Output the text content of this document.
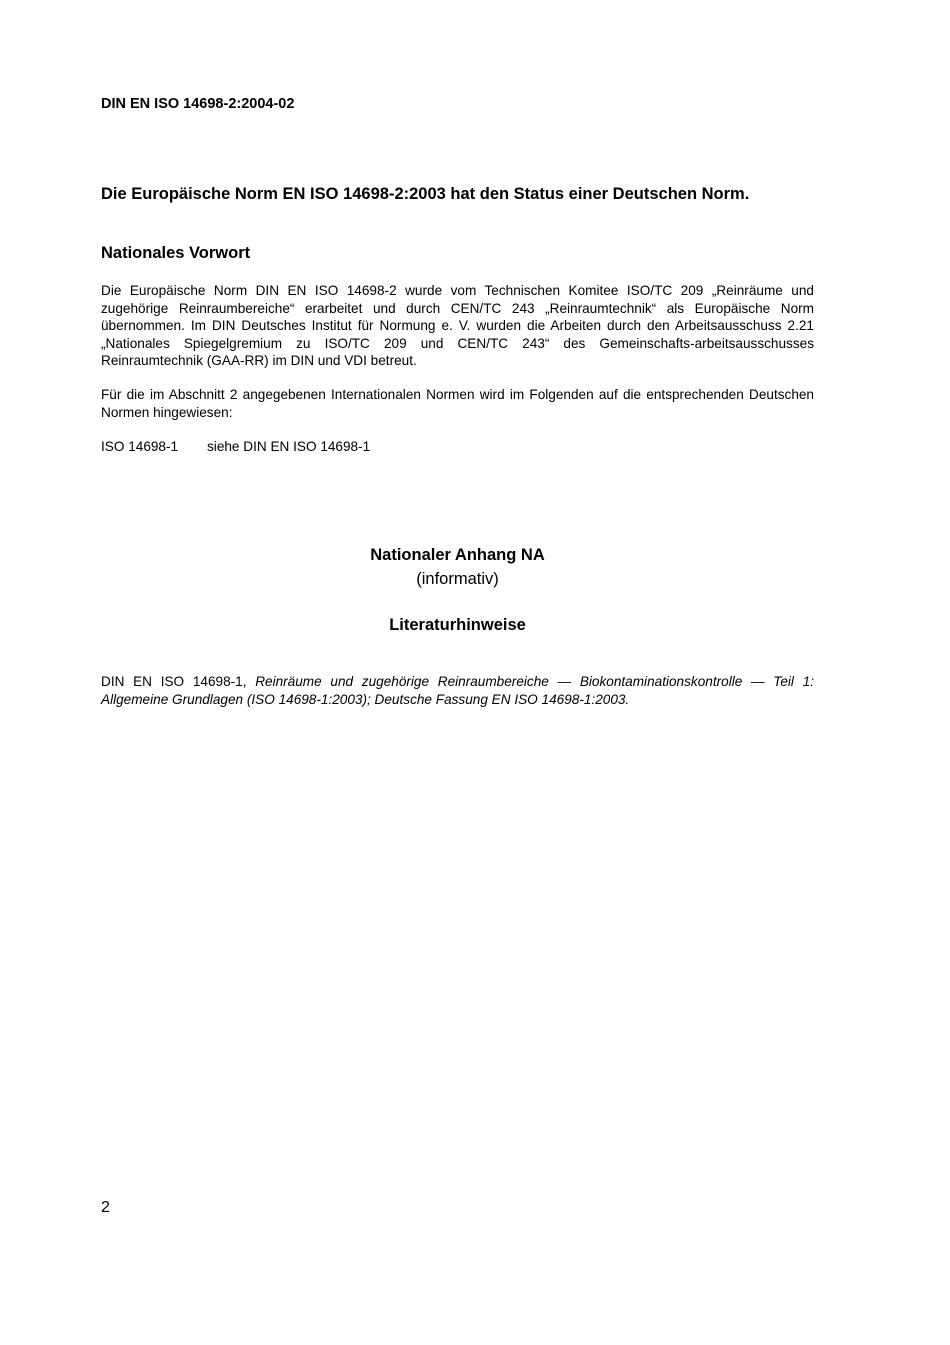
DIN EN ISO 14698-2:2004-02

Die Europäische Norm EN ISO 14698-2:2003 hat den Status einer Deutschen Norm.

Nationales Vorwort

Die Europäische Norm DIN EN ISO 14698-2 wurde vom Technischen Komitee ISO/TC 209 „Reinräume und zugehörige Reinraumbereiche“ erarbeitet und durch CEN/TC 243 „Reinraumtechnik“ als Europäische Norm übernommen. Im DIN Deutsches Institut für Normung e. V. wurden die Arbeiten durch den Arbeitsausschuss 2.21 „Nationales Spiegelgremium zu ISO/TC 209 und CEN/TC 243“ des Gemeinschafts-arbeitsausschusses Reinraumtechnik (GAA-RR) im DIN und VDI betreut.

Für die im Abschnitt 2 angegebenen Internationalen Normen wird im Folgenden auf die entsprechenden Deutschen Normen hingewiesen:

ISO 14698-1	siehe DIN EN ISO 14698-1

Nationaler Anhang NA

(informativ)

Literaturhinweise

DIN EN ISO 14698-1, Reinräume und zugehörige Reinraumbereiche — Biokontaminationskontrolle — Teil 1: Allgemeine Grundlagen (ISO 14698-1:2003); Deutsche Fassung EN ISO 14698-1:2003.

2
